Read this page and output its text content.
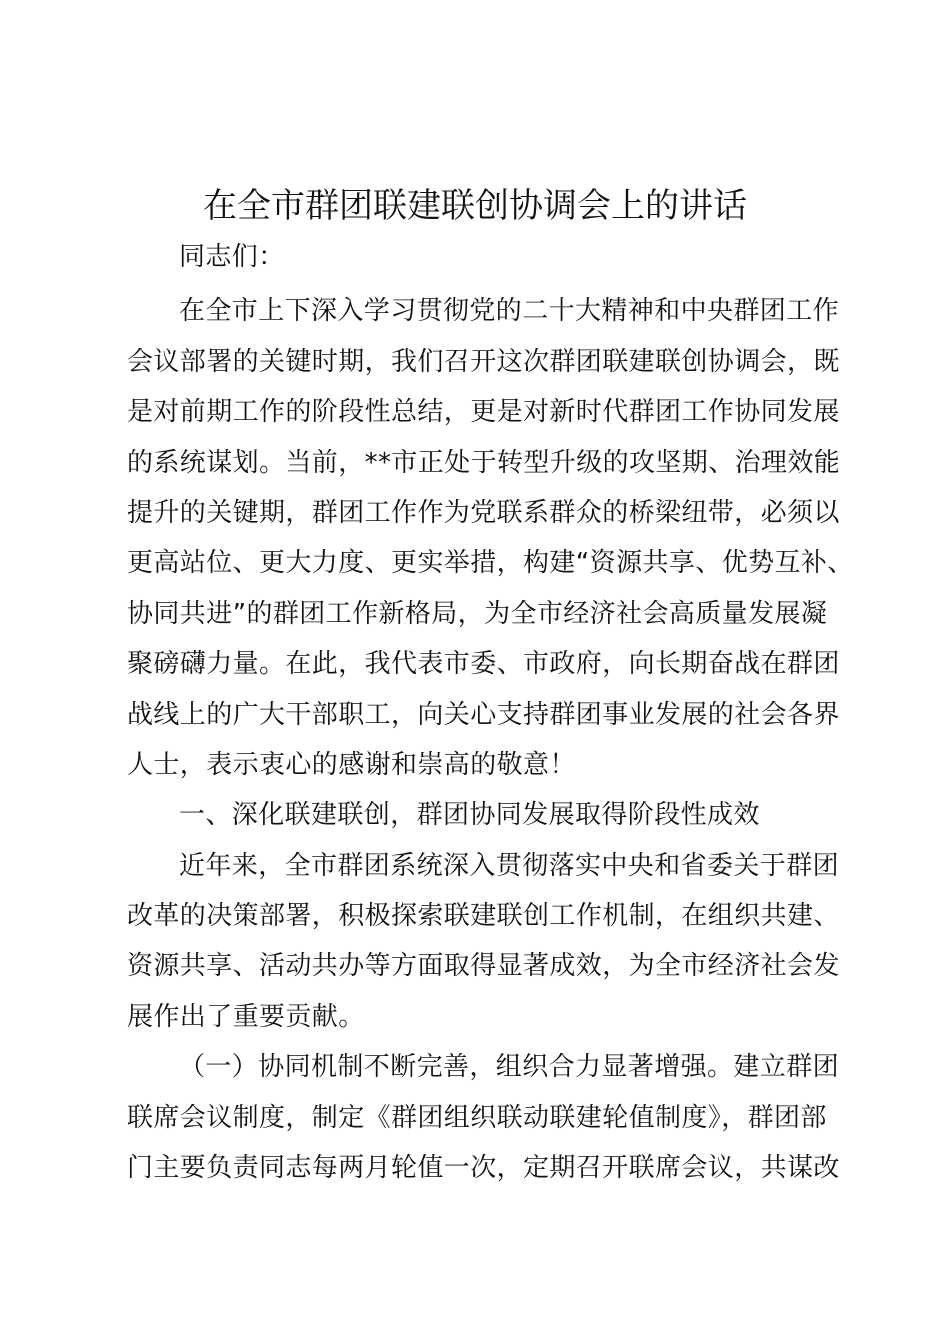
在全市群团联建联创协调会上的讲话
同志们：
在全市上下深入学习贯彻党的二十大精神和中央群团工作
会议部署的关键时期，我们召开这次群团联建联创协调会，既
是对前期工作的阶段性总结，更是对新时代群团工作协同发展
的系统谋划。当前，**市正处于转型升级的攻坚期、治理效能
提升的关键期，群团工作作为党联系群众的桥梁纽带，必须以
更高站位、更大力度、更实举措，构建“资源共享、优势互补、
协同共进”的群团工作新格局，为全市经济社会高质量发展凝
聚磅礴力量。在此，我代表市委、市政府，向长期奋战在群团
战线上的广大干部职工，向关心支持群团事业发展的社会各界
人士，表示衷心的感谢和崇高的敬意！
一、深化联建联创，群团协同发展取得阶段性成效
近年来，全市群团系统深入贯彻落实中央和省委关于群团
改革的决策部署，积极探索联建联创工作机制，在组织共建、
资源共享、活动共办等方面取得显著成效，为全市经济社会发
展作出了重要贡献。
（一）协同机制不断完善，组织合力显著增强。建立群团
联席会议制度，制定《群团组织联动联建轮值制度》，群团部
门主要负责同志每两月轮值一次，定期召开联席会议，共谋改
